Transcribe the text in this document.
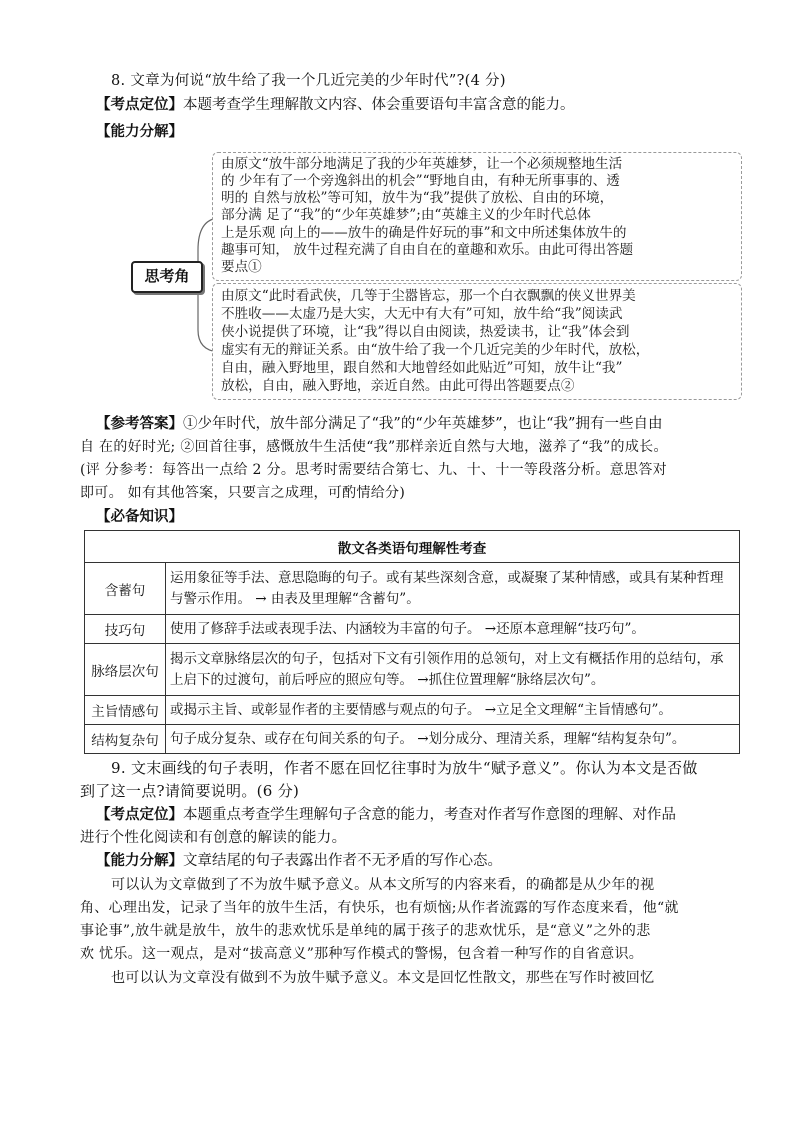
8. 文章为何说“放牛给了我一个几近完美的少年时代”?(4 分)
【考点定位】本题考查学生理解散文内容、体会重要语句丰富含意的能力。
【能力分解】
思考角
由原文“放牛部分地满足了我的少年英雄梦，让一个必须规整地生活
的 少年有了一个旁逸斜出的机会”“野地自由，有种无所事事的、透
明的 自然与放松”等可知，放牛为“我”提供了放松、自由的环境，
部分满 足了“我”的“少年英雄梦”;由“英雄主义的少年时代总体
上是乐观 向上的——放牛的确是件好玩的事”和文中所述集体放牛的
趣事可知， 放牛过程充满了自由自在的童趣和欢乐。由此可得出答题
要点①
由原文“此时看武侠，几等于尘嚣皆忘，那一个白衣飘飘的侠义世界美
不胜收——太虚乃是大实，大无中有大有”可知，放牛给“我”阅读武
侠小说提供了环境，让“我”得以自由阅读，热爱读书，让“我”体会到
虚实有无的辩证关系。由“放牛给了我一个几近完美的少年时代，放松，
自由，融入野地里，跟自然和大地曾经如此贴近”可知，放牛让“我”
放松，自由，融入野地，亲近自然。由此可得出答题要点②
【参考答案】①少年时代，放牛部分满足了“我”的“少年英雄梦”，也让“我”拥有一些自由
自 在的好时光; ②回首往事，感慨放牛生活使“我”那样亲近自然与大地，滋养了“我”的成长。
(评 分参考：每答出一点给 2 分。思考时需要结合第七、九、十、十一等段落分析。意思答对
即可。 如有其他答案，只要言之成理，可酌情给分)
【必备知识】
散文各类语句理解性考查	
含蓄句	运用象征等手法、意思隐晦的句子。或有某些深刻含意，或凝聚了某种情感，或具有某种哲理与警示作用。 → 由表及里理解“含蓄句”。
技巧句	使用了修辞手法或表现手法、内涵较为丰富的句子。 →还原本意理解“技巧句”。
脉络层次句	揭示文章脉络层次的句子，包括对下文有引领作用的总领句，对上文有概括作用的总结句，承上启下的过渡句，前后呼应的照应句等。 →抓住位置理解“脉络层次句”。
主旨情感句	或揭示主旨、或彰显作者的主要情感与观点的句子。 →立足全文理解“主旨情感句”。
结构复杂句	句子成分复杂、或存在句间关系的句子。 →划分成分、理清关系，理解“结构复杂句”。
9. 文末画线的句子表明，作者不愿在回忆往事时为放牛“赋予意义”。你认为本文是否做
到了这一点?请简要说明。(6 分)
【考点定位】本题重点考查学生理解句子含意的能力，考查对作者写作意图的理解、对作品
进行个性化阅读和有创意的解读的能力。
【能力分解】文章结尾的句子表露出作者不无矛盾的写作心态。
可以认为文章做到了不为放牛赋予意义。从本文所写的内容来看，的确都是从少年的视
角、心理出发，记录了当年的放牛生活，有快乐，也有烦恼;从作者流露的写作态度来看，他“就
事论事”,放牛就是放牛，放牛的悲欢忧乐是单纯的属于孩子的悲欢忧乐，是“意义”之外的悲
欢 忧乐。这一观点，是对“拔高意义”那种写作模式的警惕，包含着一种写作的自省意识。
也可以认为文章没有做到不为放牛赋予意义。本文是回忆性散文，那些在写作时被回忆
